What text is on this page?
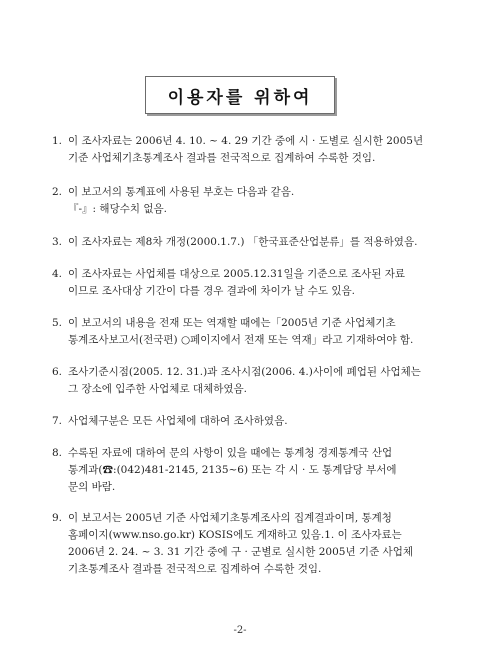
이용자를 위하여
1. 이 조사자료는 2006년 4. 10. ~ 4. 29 기간 중에 시 · 도별로 실시한 2005년
기준 사업체기초통계조사 결과를 전국적으로 집계하여 수록한 것임.
2. 이 보고서의 통계표에 사용된 부호는 다음과 같음.
『-』: 해당수치 없음.
3. 이 조사자료는 제8차 개정(2000.1.7.) 「한국표준산업분류」를 적용하였음.
4. 이 조사자료는 사업체를 대상으로 2005.12.31일을 기준으로 조사된 자료
이므로 조사대상 기간이 다를 경우 결과에 차이가 날 수도 있음.
5. 이 보고서의 내용을 전재 또는 역재할 때에는「2005년 기준 사업체기초
통계조사보고서(전국편) ○페이지에서 전재 또는 역재」라고 기재하여야 함.
6. 조사기준시점(2005. 12. 31.)과 조사시점(2006. 4.)사이에 폐업된 사업체는
그 장소에 입주한 사업체로 대체하였음.
7. 사업체구분은 모든 사업체에 대하여 조사하였음.
8. 수록된 자료에 대하여 문의 사항이 있을 때에는 통계청 경제통계국 산업
통계과(☎:(042)481-2145, 2135~6) 또는 각 시 · 도 통계담당 부서에
문의 바람.
9. 이 보고서는 2005년 기준 사업체기초통계조사의 집계결과이며, 통계청
홈페이지(www.nso.go.kr) KOSIS에도 게재하고 있음.1. 이 조사자료는
2006년 2. 24. ~ 3. 31 기간 중에 구 · 군별로 실시한 2005년 기준 사업체
기초통계조사 결과를 전국적으로 집계하여 수록한 것임.
-2-
